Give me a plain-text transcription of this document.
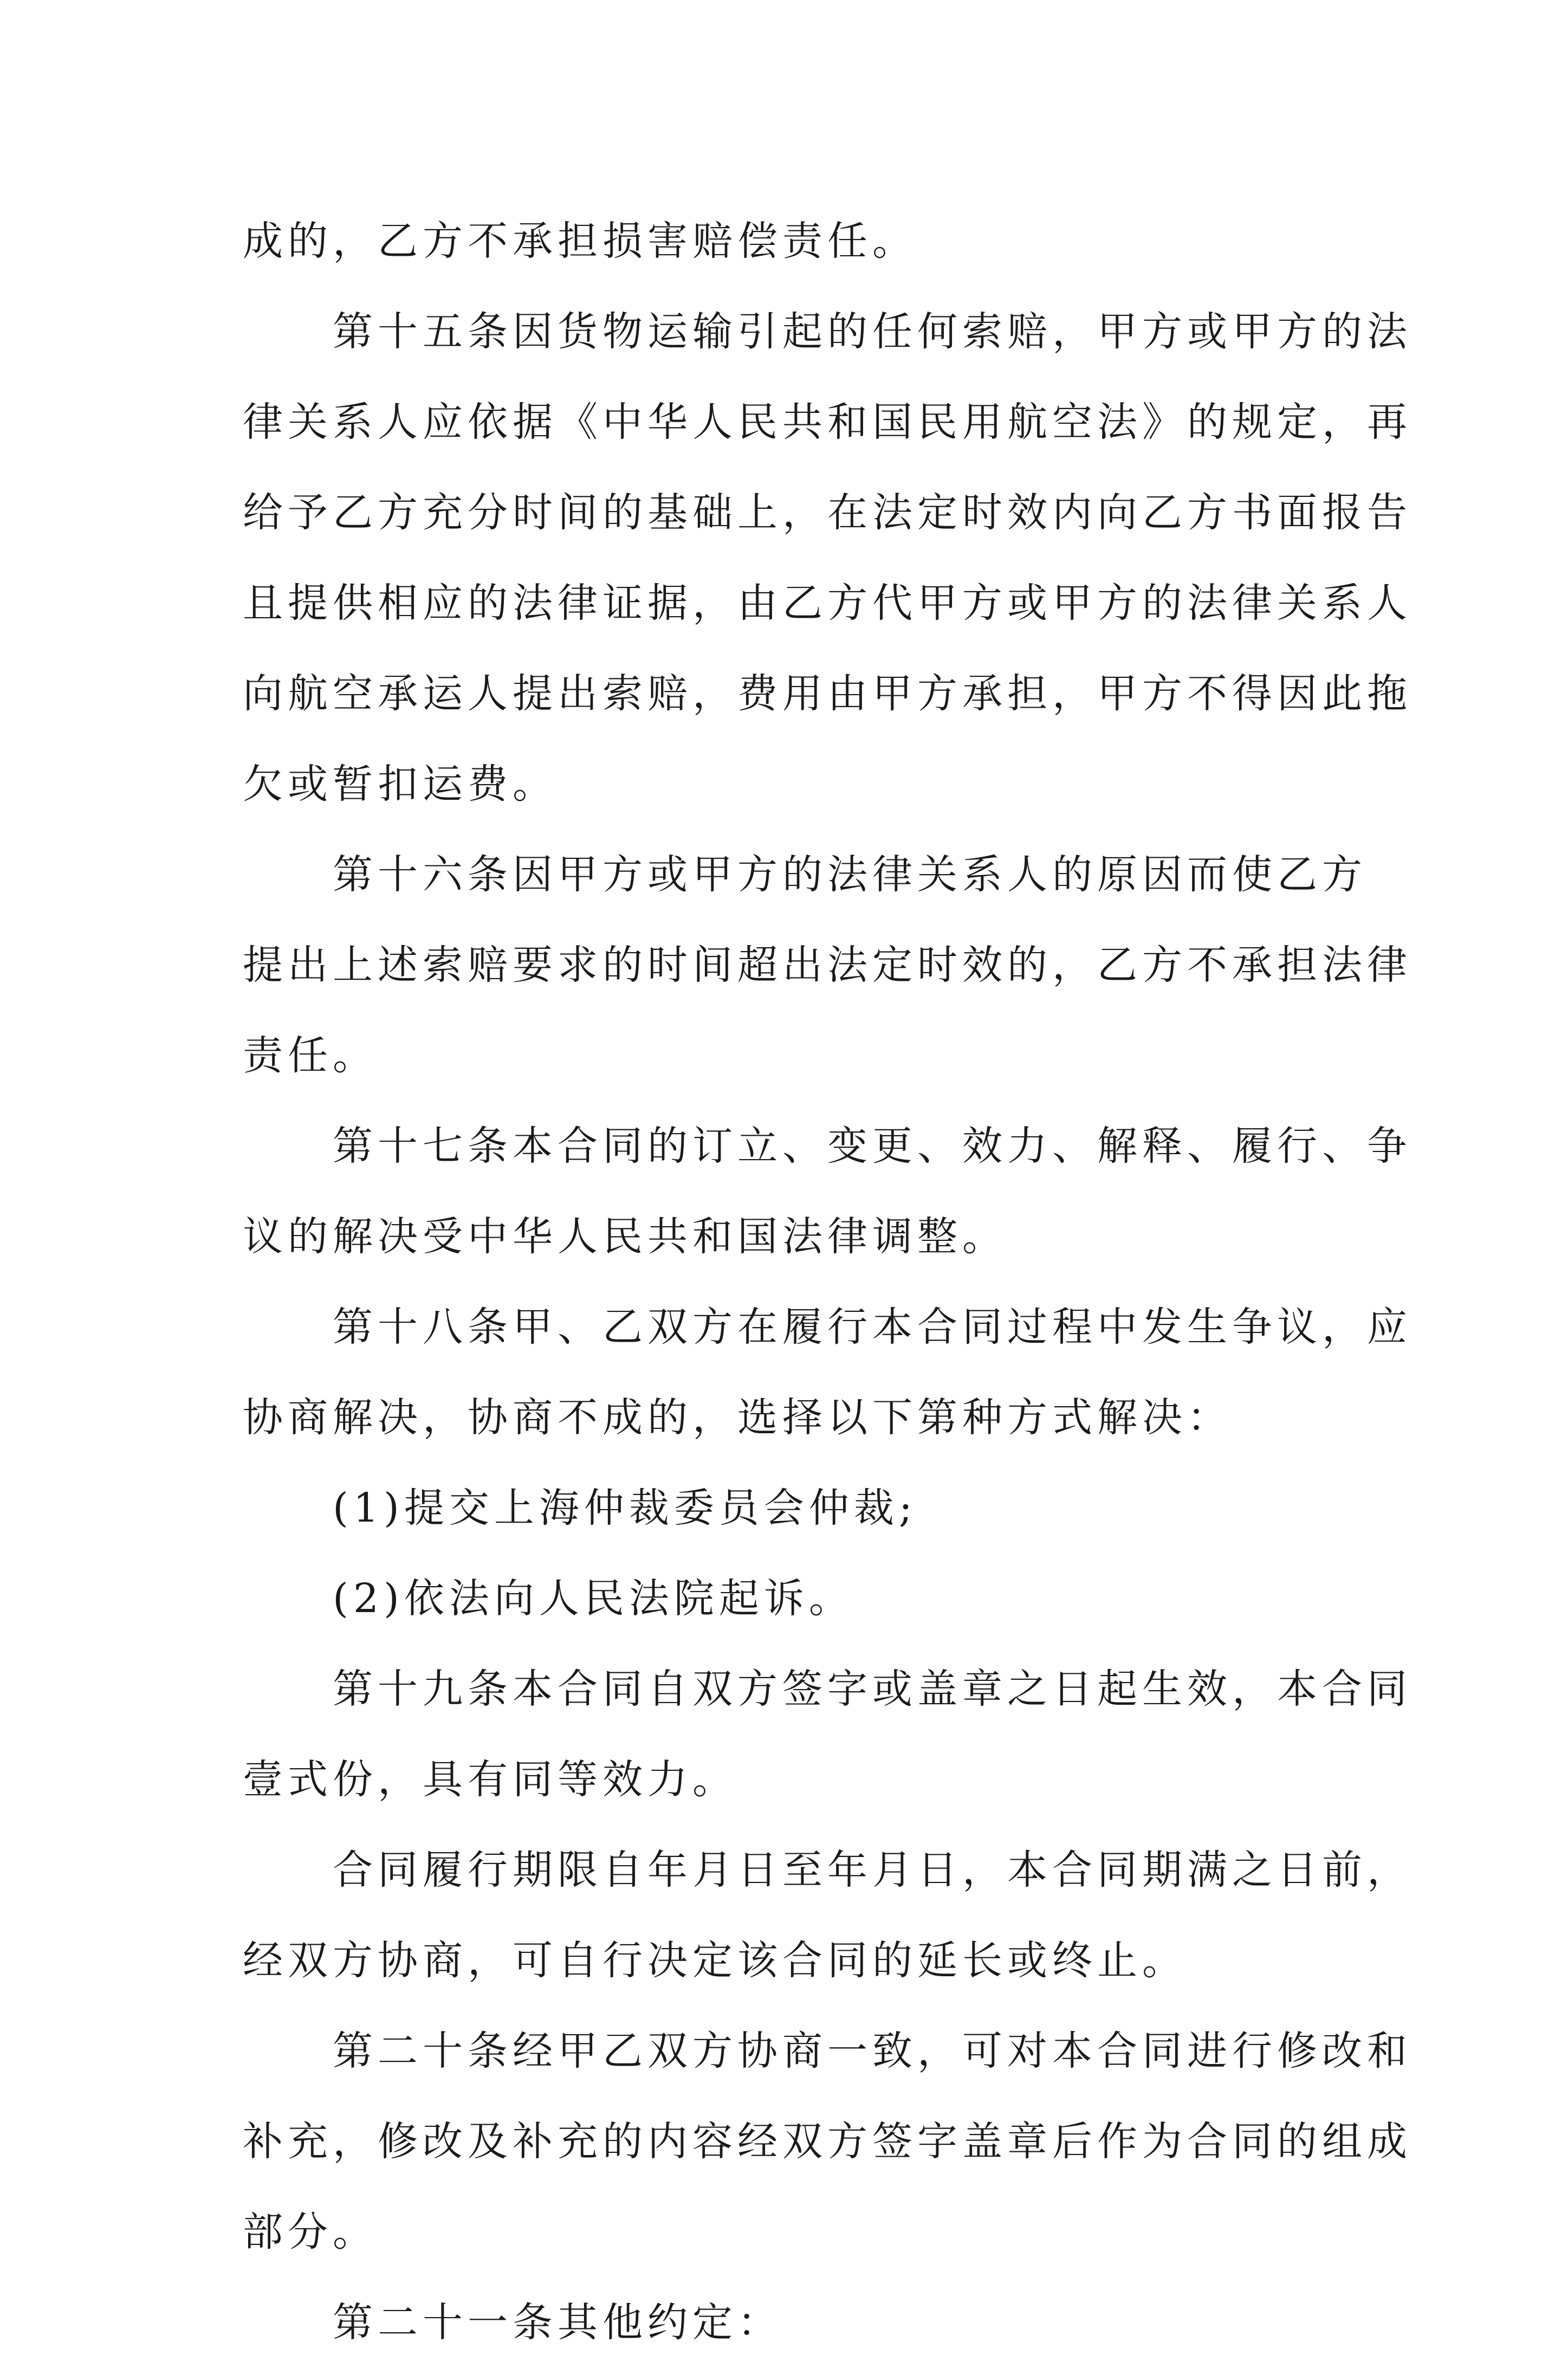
成的，乙方不承担损害赔偿责任。

第十五条因货物运输引起的任何索赔，甲方或甲方的法
律关系人应依据《中华人民共和国民用航空法》的规定，再
给予乙方充分时间的基础上，在法定时效内向乙方书面报告
且提供相应的法律证据，由乙方代甲方或甲方的法律关系人
向航空承运人提出索赔，费用由甲方承担，甲方不得因此拖
欠或暂扣运费。

第十六条因甲方或甲方的法律关系人的原因而使乙方
提出上述索赔要求的时间超出法定时效的，乙方不承担法律
责任。

第十七条本合同的订立、变更、效力、解释、履行、争
议的解决受中华人民共和国法律调整。

第十八条甲、乙双方在履行本合同过程中发生争议，应
协商解决，协商不成的，选择以下第种方式解决：

(1)提交上海仲裁委员会仲裁;

(2)依法向人民法院起诉。

第十九条本合同自双方签字或盖章之日起生效，本合同
壹式份，具有同等效力。

合同履行期限自年月日至年月日，本合同期满之日前，
经双方协商，可自行决定该合同的延长或终止。

第二十条经甲乙双方协商一致，可对本合同进行修改和
补充，修改及补充的内容经双方签字盖章后作为合同的组成
部分。

第二十一条其他约定：
